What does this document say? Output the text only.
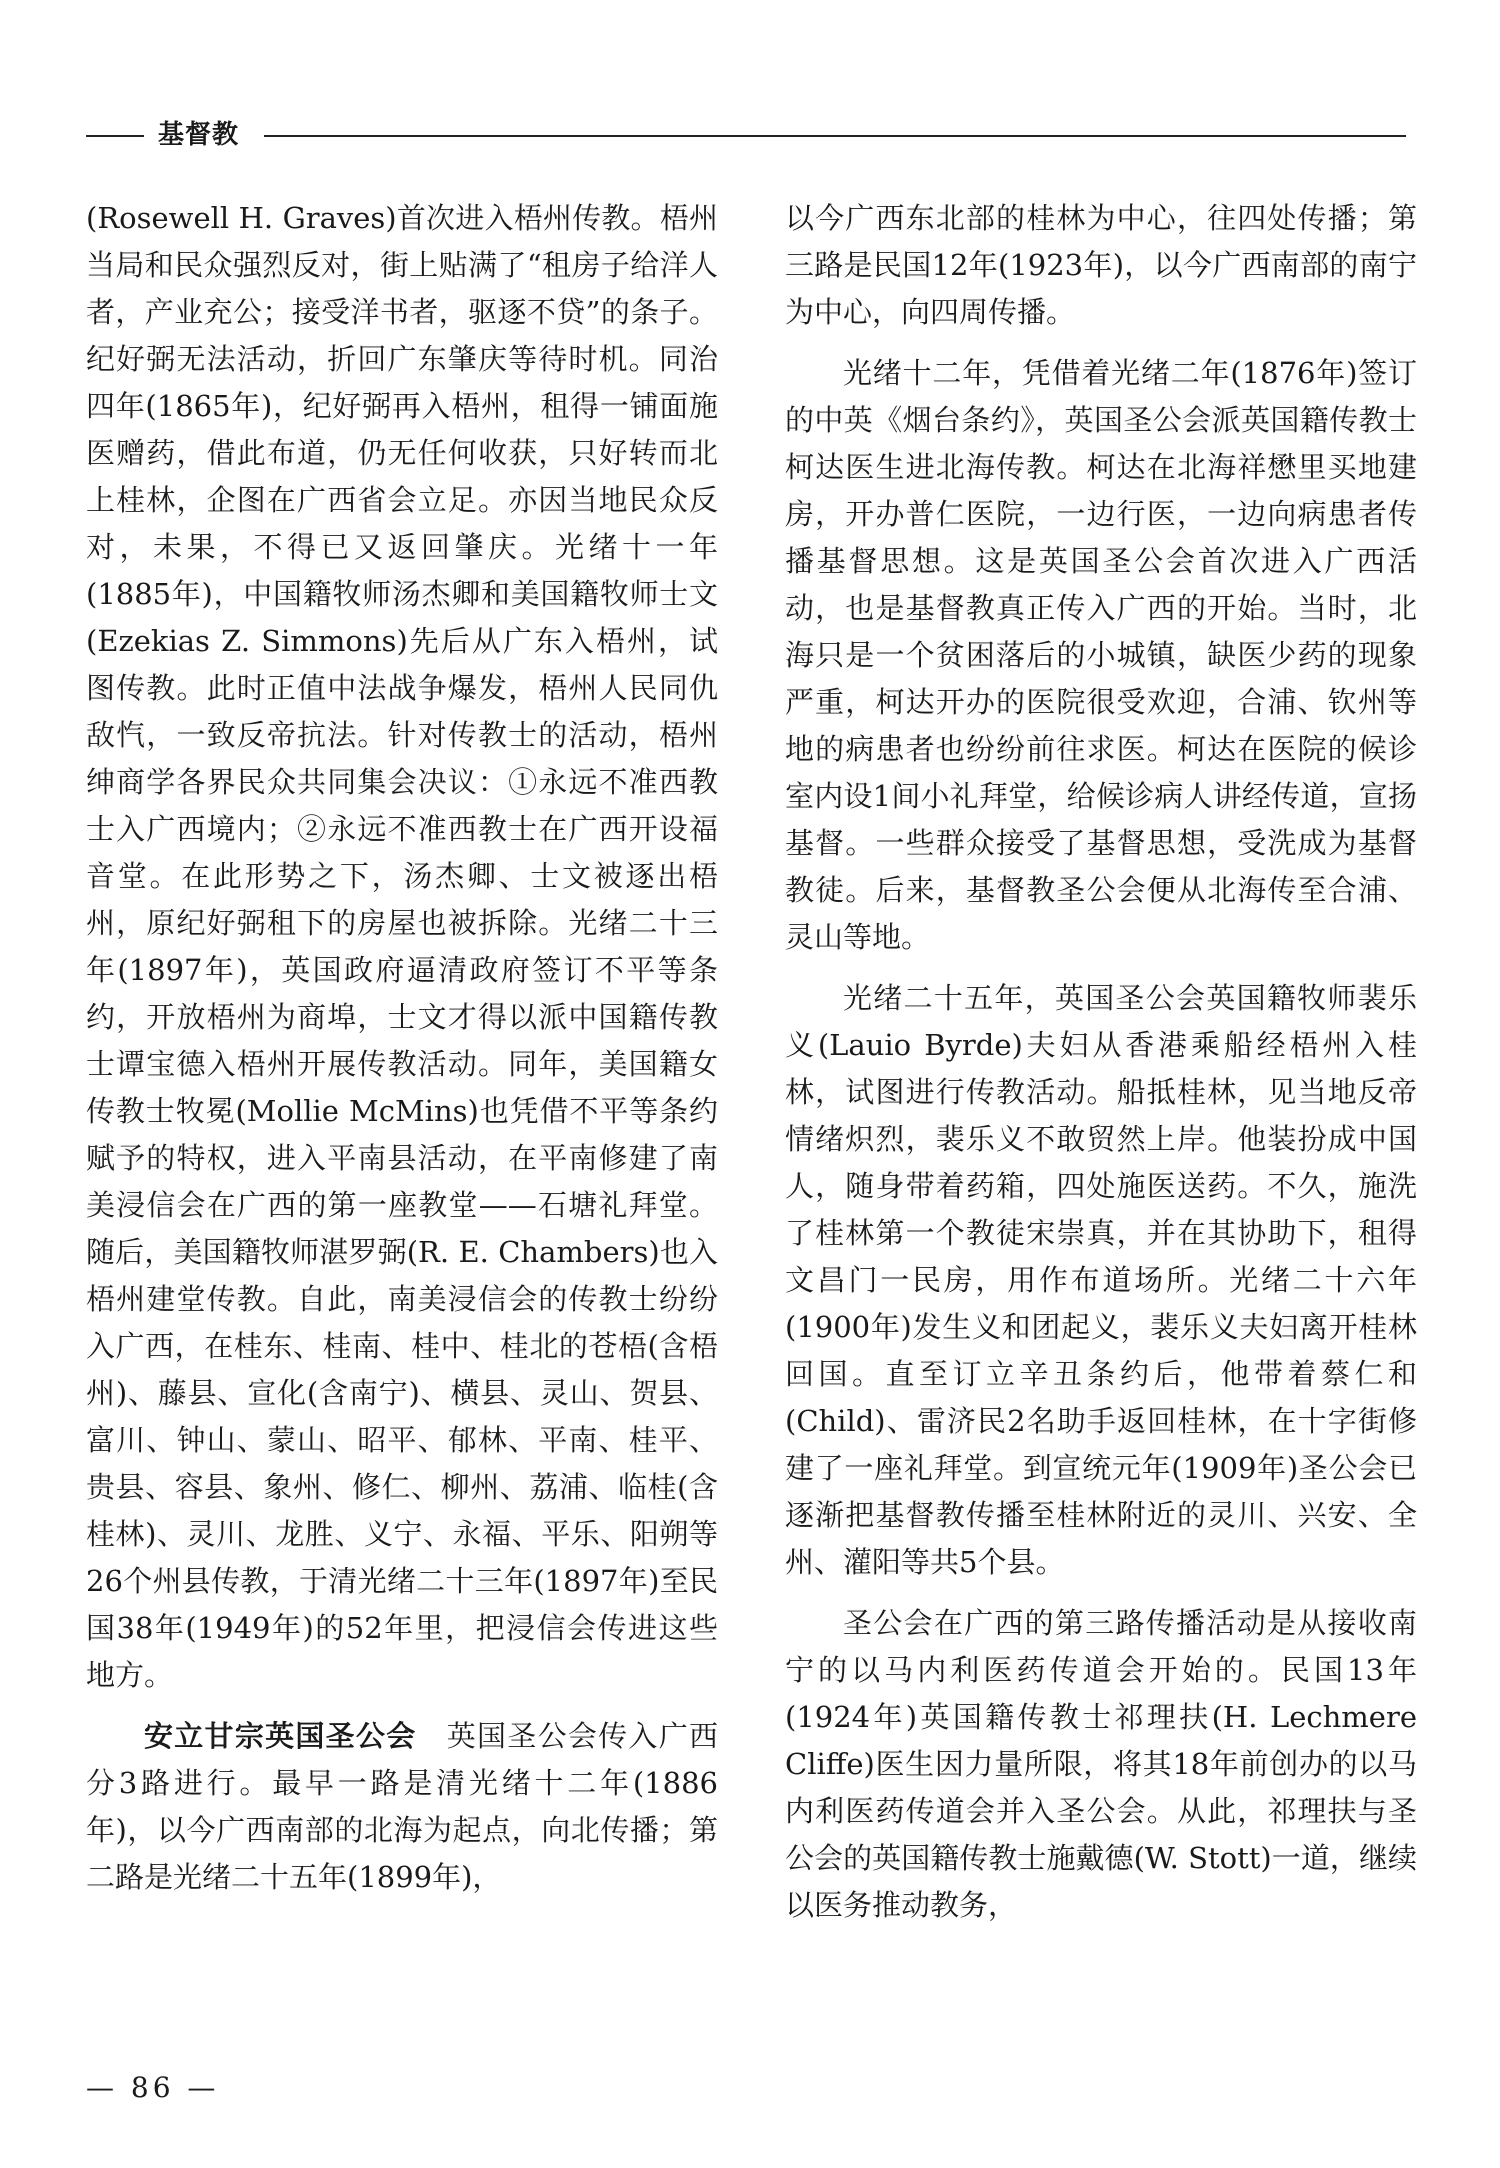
基督教

(Rosewell H. Graves)首次进入梧州传教。梧州当局和民众强烈反对，街上贴满了“租房子给洋人者，产业充公；接受洋书者，驱逐不贷”的条子。纪好弼无法活动，折回广东肇庆等待时机。同治四年(1865年)，纪好弼再入梧州，租得一铺面施医赠药，借此布道，仍无任何收获，只好转而北上桂林，企图在广西省会立足。亦因当地民众反对，未果，不得已又返回肇庆。光绪十一年(1885年)，中国籍牧师汤杰卿和美国籍牧师士文(Ezekias Z. Simmons)先后从广东入梧州，试图传教。此时正值中法战争爆发，梧州人民同仇敌忾，一致反帝抗法。针对传教士的活动，梧州绅商学各界民众共同集会决议：①永远不准西教士入广西境内；②永远不准西教士在广西开设福音堂。在此形势之下，汤杰卿、士文被逐出梧州，原纪好弼租下的房屋也被拆除。光绪二十三年(1897年)，英国政府逼清政府签订不平等条约，开放梧州为商埠，士文才得以派中国籍传教士谭宝德入梧州开展传教活动。同年，美国籍女传教士牧冕(Mollie McMins)也凭借不平等条约赋予的特权，进入平南县活动，在平南修建了南美浸信会在广西的第一座教堂——石塘礼拜堂。随后，美国籍牧师湛罗弼(R. E. Chambers)也入梧州建堂传教。自此，南美浸信会的传教士纷纷入广西，在桂东、桂南、桂中、桂北的苍梧(含梧州)、藤县、宣化(含南宁)、横县、灵山、贺县、富川、钟山、蒙山、昭平、郁林、平南、桂平、贵县、容县、象州、修仁、柳州、荔浦、临桂(含桂林)、灵川、龙胜、义宁、永福、平乐、阳朔等26个州县传教，于清光绪二十三年(1897年)至民国38年(1949年)的52年里，把浸信会传进这些地方。

安立甘宗英国圣公会　 英国圣公会传入广西分3路进行。最早一路是清光绪十二年(1886年)，以今广西南部的北海为起点，向北传播；第二路是光绪二十五年(1899年)，

以今广西东北部的桂林为中心，往四处传播；第三路是民国12年(1923年)，以今广西南部的南宁为中心，向四周传播。

光绪十二年，凭借着光绪二年(1876年)签订的中英《烟台条约》，英国圣公会派英国籍传教士柯达医生进北海传教。柯达在北海祥懋里买地建房，开办普仁医院，一边行医，一边向病患者传播基督思想。这是英国圣公会首次进入广西活动，也是基督教真正传入广西的开始。当时，北海只是一个贫困落后的小城镇，缺医少药的现象严重，柯达开办的医院很受欢迎，合浦、钦州等地的病患者也纷纷前往求医。柯达在医院的候诊室内设1间小礼拜堂，给候诊病人讲经传道，宣扬基督。一些群众接受了基督思想，受洗成为基督教徒。后来，基督教圣公会便从北海传至合浦、灵山等地。

光绪二十五年，英国圣公会英国籍牧师裴乐义(Lauio Byrde)夫妇从香港乘船经梧州入桂林，试图进行传教活动。船抵桂林，见当地反帝情绪炽烈，裴乐义不敢贸然上岸。他装扮成中国人，随身带着药箱，四处施医送药。不久，施洗了桂林第一个教徒宋崇真，并在其协助下，租得文昌门一民房，用作布道场所。光绪二十六年(1900年)发生义和团起义，裴乐义夫妇离开桂林回国。直至订立辛丑条约后，他带着蔡仁和(Child)、雷济民2名助手返回桂林，在十字街修建了一座礼拜堂。到宣统元年(1909年)圣公会已逐渐把基督教传播至桂林附近的灵川、兴安、全州、灌阳等共5个县。

圣公会在广西的第三路传播活动是从接收南宁的以马内利医药传道会开始的。民国13年(1924年)英国籍传教士祁理扶(H. Lechmere Cliffe)医生因力量所限，将其18年前创办的以马内利医药传道会并入圣公会。从此，祁理扶与圣公会的英国籍传教士施戴德(W. Stott)一道，继续以医务推动教务，

— 86 —
